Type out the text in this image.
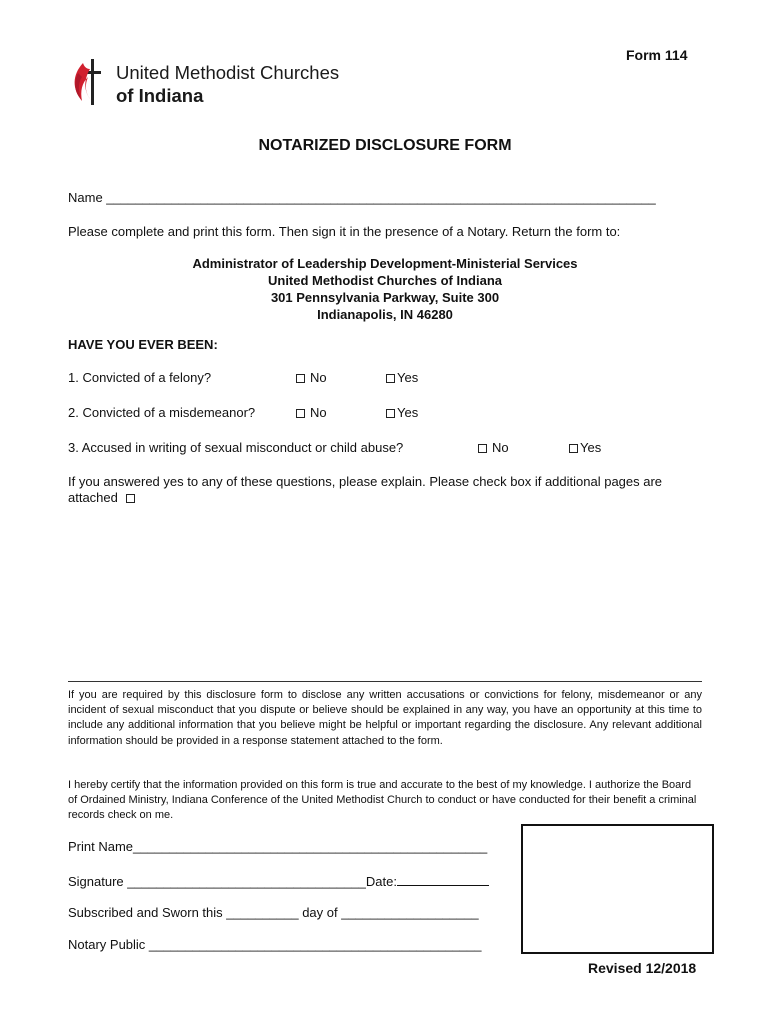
United Methodist Churches
of Indiana
Form 114
NOTARIZED DISCLOSURE FORM
Name ____________________________________________________________________________
Please complete and print this form. Then sign it in the presence of a Notary. Return the form to:
Administrator of Leadership Development-Ministerial Services
United Methodist Churches of Indiana
301 Pennsylvania Parkway, Suite 300
Indianapolis, IN 46280
HAVE YOU EVER BEEN:
1. Convicted of a felony?	No	Yes
2. Convicted of a misdemeanor?	No	Yes
3. Accused in writing of sexual misconduct or child abuse?	No	Yes
If you answered yes to any of these questions, please explain. Please check box if additional pages are attached
If you are required by this disclosure form to disclose any written accusations or convictions for felony, misdemeanor or any incident of sexual misconduct that you dispute or believe should be explained in any way, you have an opportunity at this time to include any additional information that you believe might be helpful or important regarding the disclosure. Any relevant additional information should be provided in a response statement attached to the form.
I hereby certify that the information provided on this form is true and accurate to the best of my knowledge. I authorize the Board of Ordained Ministry, Indiana Conference of the United Methodist Church to conduct or have conducted for their benefit a criminal records check on me.
Print Name_________________________________________________
Signature _________________________________Date:
Subscribed and Sworn this __________ day of ___________________
Notary Public ______________________________________________
Revised 12/2018
